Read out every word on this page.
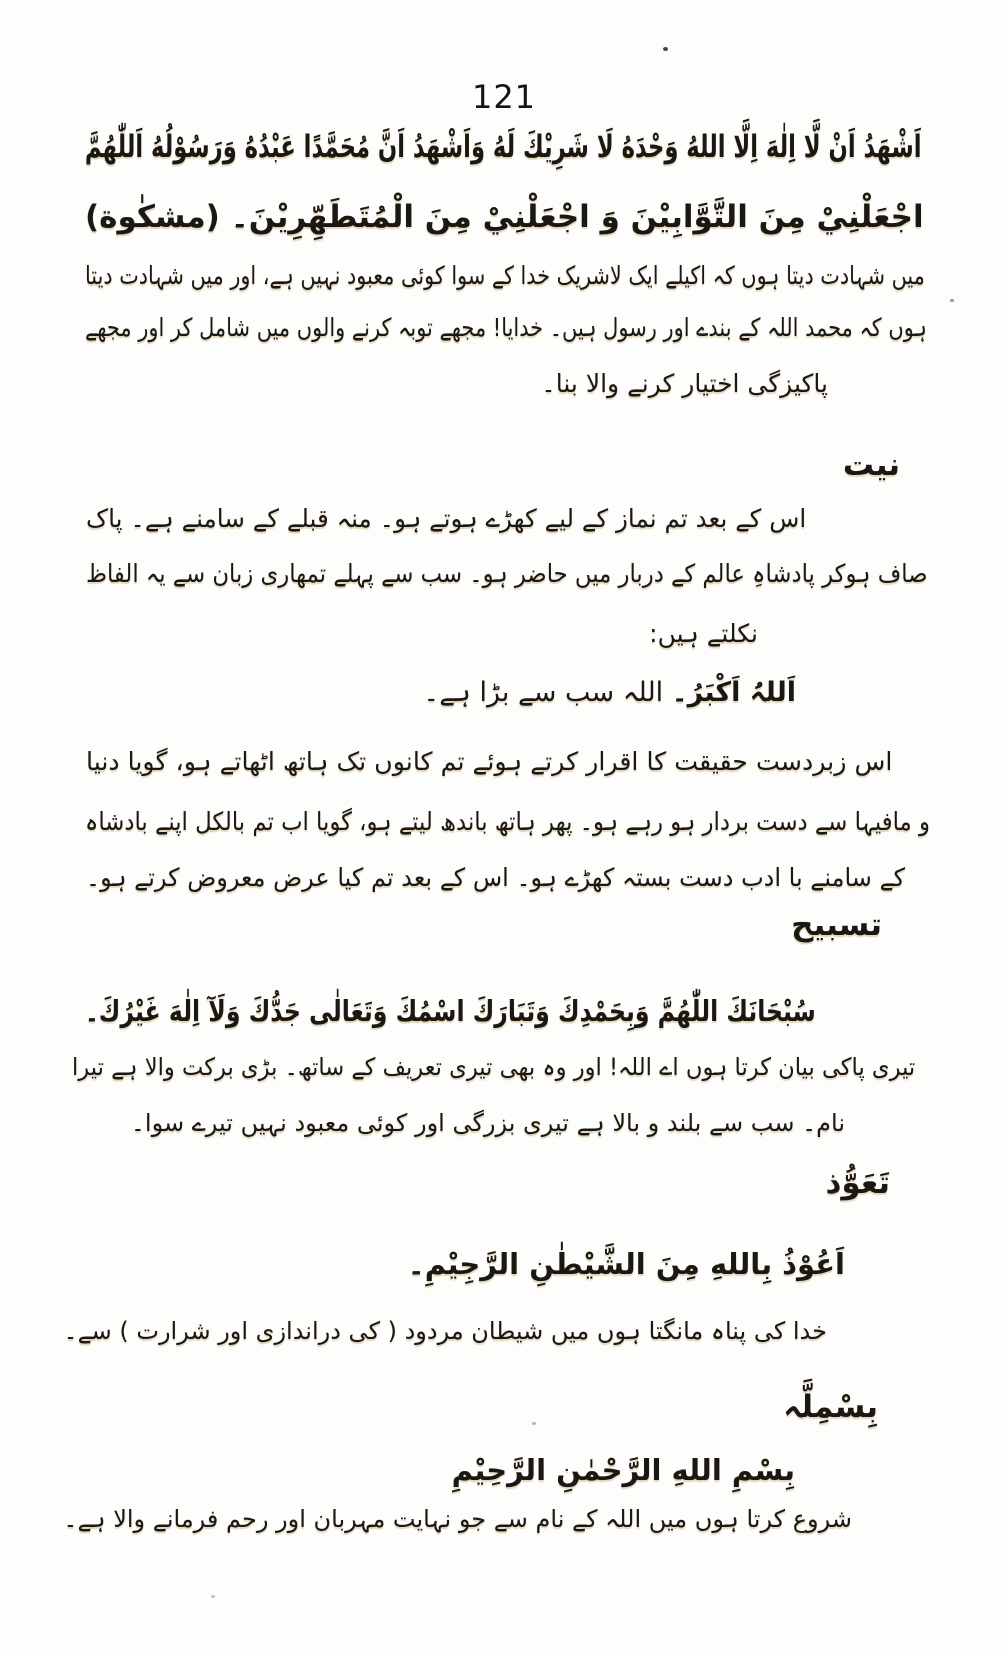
121
اَشْهَدُ اَنْ لَّا اِلٰهَ اِلَّا اللهُ وَحْدَهُ لَا شَرِيْكَ لَهُ وَاَشْهَدُ اَنَّ مُحَمَّدًا عَبْدُهُ وَرَسُوْلُهُ اَللّٰهُمَّ
اجْعَلْنِيْ مِنَ التَّوَّابِيْنَ وَ اجْعَلْنِيْ مِنَ الْمُتَطَهِّرِيْنَ۔ (مشکٰوة)
میں شہادت دیتا ہوں کہ اکیلے ایک لاشریک خدا کے سوا کوئی معبود نہیں ہے، اور میں شہادت دیتا
ہوں کہ محمد اللہ کے بندے اور رسول ہیں۔ خدایا! مجھے توبہ کرنے والوں میں شامل کر اور مجھے
پاکیزگی اختیار کرنے والا بنا۔
نیت
اس کے بعد تم نماز کے لیے کھڑے ہوتے ہو۔ منہ قبلے کے سامنے ہے۔ پاک
صاف ہوکر پادشاہِ عالم کے دربار میں حاضر ہو۔ سب سے پہلے تمھاری زبان سے یہ الفاظ
نکلتے ہیں:
اَللہُ اَکْبَرُ۔ اللہ سب سے بڑا ہے۔
اس زبردست حقیقت کا اقرار کرتے ہوئے تم کانوں تک ہاتھ اٹھاتے ہو، گویا دنیا
و مافیہا سے دست بردار ہو رہے ہو۔ پھر ہاتھ باندھ لیتے ہو، گویا اب تم بالکل اپنے بادشاہ
کے سامنے با ادب دست بستہ کھڑے ہو۔ اس کے بعد تم کیا عرض معروض کرتے ہو۔
تسبیح
سُبْحَانَكَ اللّٰهُمَّ وَبِحَمْدِكَ وَتَبَارَكَ اسْمُكَ وَتَعَالٰی جَدُّكَ وَلَآ اِلٰهَ غَيْرُكَ۔
تیری پاکی بیان کرتا ہوں اے اللہ! اور وہ بھی تیری تعریف کے ساتھ۔ بڑی برکت والا ہے تیرا
نام۔ سب سے بلند و بالا ہے تیری بزرگی اور کوئی معبود نہیں تیرے سوا۔
تَعَوُّذ
اَعُوْذُ بِاللهِ مِنَ الشَّيْطٰنِ الرَّجِيْمِ۔
خدا کی پناہ مانگتا ہوں میں شیطان مردود ( کی دراندازی اور شرارت ) سے۔
بِسْمِلَّہ
بِسْمِ اللهِ الرَّحْمٰنِ الرَّحِيْمِ
شروع کرتا ہوں میں اللہ کے نام سے جو نہایت مہربان اور رحم فرمانے والا ہے۔
